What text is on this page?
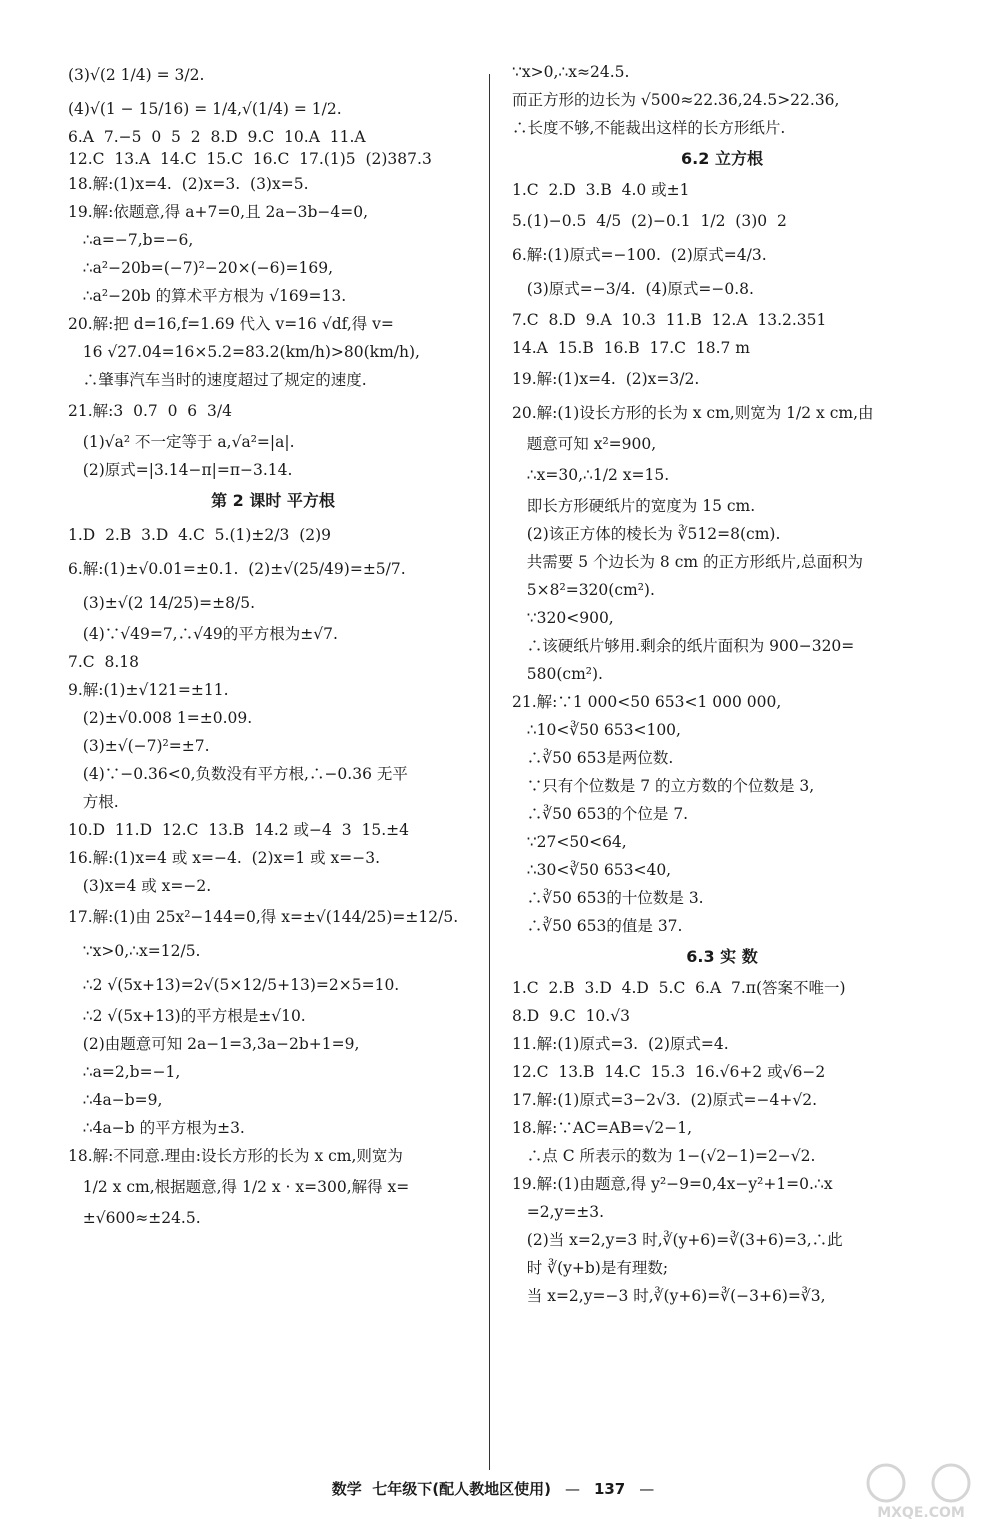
(3)√(2 1/4) = 3/2.
(4)√(1 − 15/16) = 1/4,√(1/4) = 1/2.
6.A  7.−5  0  5  2  8.D  9.C  10.A  11.A
12.C  13.A  14.C  15.C  16.C  17.(1)5  (2)387.3
18.解:(1)x=4.  (2)x=3.  (3)x=5.
19.解:依题意,得 a+7=0,且 2a−3b−4=0,
∴a=−7,b=−6,
∴a²−20b=(−7)²−20×(−6)=169,
∴a²−20b 的算术平方根为 √169=13.
20.解:把 d=16,f=1.69 代入 v=16 √df,得 v=
16 √27.04=16×5.2=83.2(km/h)>80(km/h),
∴肇事汽车当时的速度超过了规定的速度.
21.解:3  0.7  0  6  3/4
(1)√a² 不一定等于 a,√a²=|a|.
(2)原式=|3.14−π|=π−3.14.
第 2 课时 平方根
1.D  2.B  3.D  4.C  5.(1)±2/3  (2)9
6.解:(1)±√0.01=±0.1.  (2)±√(25/49)=±5/7.
(3)±√(2 14/25)=±8/5.
(4)∵√49=7,∴√49的平方根为±√7.
7.C  8.18
9.解:(1)±√121=±11.
(2)±√0.008 1=±0.09.
(3)±√(−7)²=±7.
(4)∵−0.36<0,负数没有平方根,∴−0.36 无平
方根.
10.D  11.D  12.C  13.B  14.2 或−4  3  15.±4
16.解:(1)x=4 或 x=−4.  (2)x=1 或 x=−3.
(3)x=4 或 x=−2.
17.解:(1)由 25x²−144=0,得 x=±√(144/25)=±12/5.
∵x>0,∴x=12/5.
∴2 √(5x+13)=2√(5×12/5+13)=2×5=10.
∴2 √(5x+13)的平方根是±√10.
(2)由题意可知 2a−1=3,3a−2b+1=9,
∴a=2,b=−1,
∴4a−b=9,
∴4a−b 的平方根为±3.
18.解:不同意.理由:设长方形的长为 x cm,则宽为
1/2 x cm,根据题意,得 1/2 x · x=300,解得 x=
±√600≈±24.5.
∵x>0,∴x≈24.5.
而正方形的边长为 √500≈22.36,24.5>22.36,
∴长度不够,不能裁出这样的长方形纸片.
6.2 立方根
1.C  2.D  3.B  4.0 或±1
5.(1)−0.5  4/5  (2)−0.1  1/2  (3)0  2
6.解:(1)原式=−100.  (2)原式=4/3.
(3)原式=−3/4.  (4)原式=−0.8.
7.C  8.D  9.A  10.3  11.B  12.A  13.2.351
14.A  15.B  16.B  17.C  18.7 m
19.解:(1)x=4.  (2)x=3/2.
20.解:(1)设长方形的长为 x cm,则宽为 1/2 x cm,由
题意可知 x²=900,
∴x=30,∴1/2 x=15.
即长方形硬纸片的宽度为 15 cm.
(2)该正方体的棱长为 ∛512=8(cm).
共需要 5 个边长为 8 cm 的正方形纸片,总面积为
5×8²=320(cm²).
∵320<900,
∴该硬纸片够用.剩余的纸片面积为 900−320=
580(cm²).
21.解:∵1 000<50 653<1 000 000,
∴10<∛50 653<100,
∴∛50 653是两位数.
∵只有个位数是 7 的立方数的个位数是 3,
∴∛50 653的个位是 7.
∵27<50<64,
∴30<∛50 653<40,
∴∛50 653的十位数是 3.
∴∛50 653的值是 37.
6.3 实 数
1.C  2.B  3.D  4.D  5.C  6.A  7.π(答案不唯一)
8.D  9.C  10.√3
11.解:(1)原式=3.  (2)原式=4.
12.C  13.B  14.C  15.3  16.√6+2 或√6−2
17.解:(1)原式=3−2√3.  (2)原式=−4+√2.
18.解:∵AC=AB=√2−1,
∴点 C 所表示的数为 1−(√2−1)=2−√2.
19.解:(1)由题意,得 y²−9=0,4x−y²+1=0.∴x
=2,y=±3.
(2)当 x=2,y=3 时,∛(y+6)=∛(3+6)=3,∴此
时 ∛(y+b)是有理数;
当 x=2,y=−3 时,∛(y+6)=∛(−3+6)=∛3,
数学 七年级下(配人教地区使用) — 137 —
MXQE.COM
